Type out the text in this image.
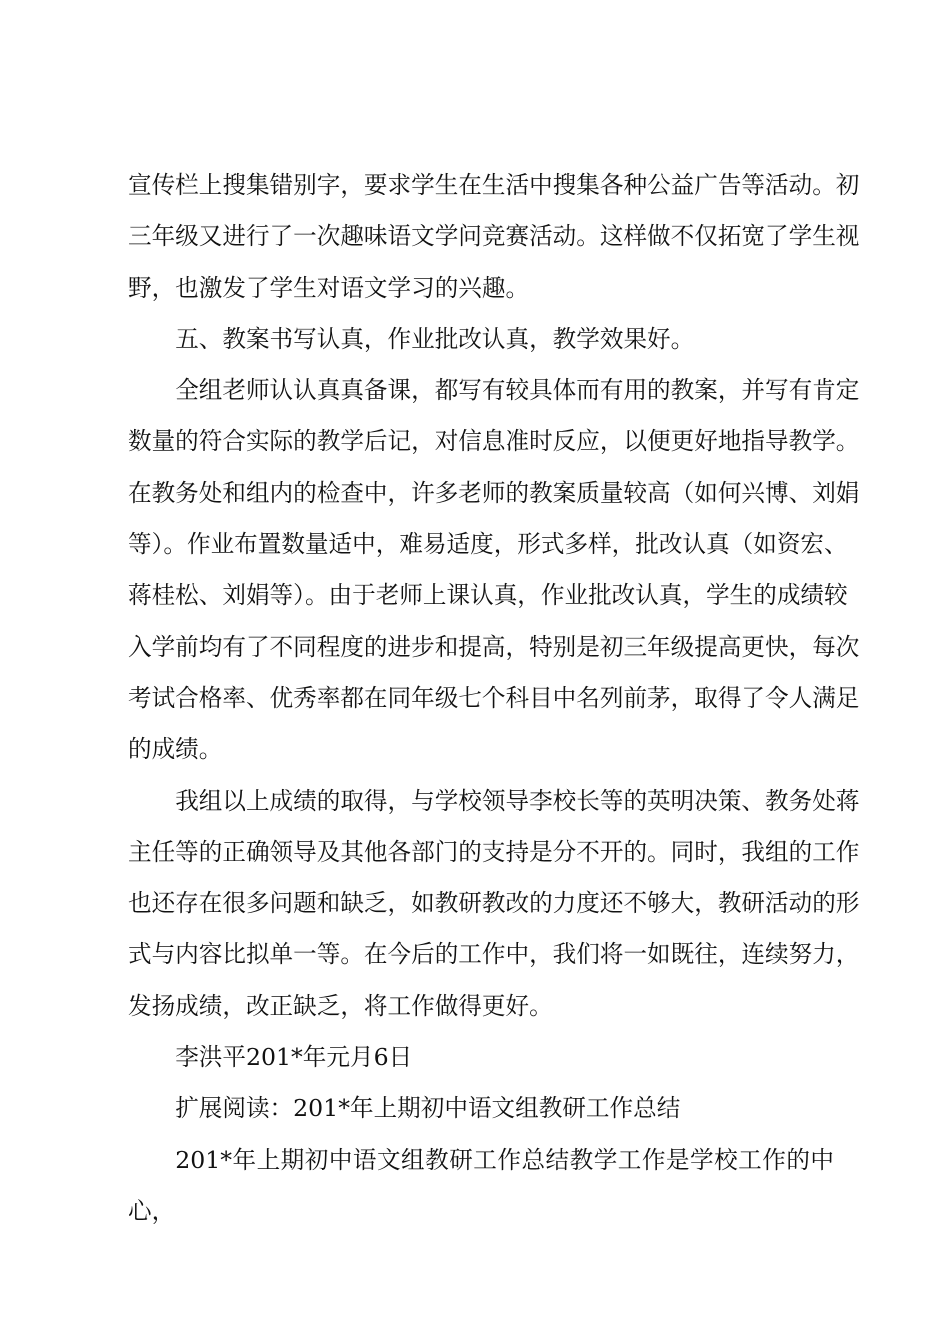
宣传栏上搜集错别字，要求学生在生活中搜集各种公益广告等活动。初
三年级又进行了一次趣味语文学问竞赛活动。这样做不仅拓宽了学生视
野，也激发了学生对语文学习的兴趣。

五、教案书写认真，作业批改认真，教学效果好。

全组老师认认真真备课，都写有较具体而有用的教案，并写有肯定
数量的符合实际的教学后记，对信息准时反应，以便更好地指导教学。
在教务处和组内的检查中，许多老师的教案质量较高（如何兴博、刘娟
等）。作业布置数量适中，难易适度，形式多样，批改认真（如资宏、
蒋桂松、刘娟等）。由于老师上课认真，作业批改认真，学生的成绩较
入学前均有了不同程度的进步和提高，特别是初三年级提高更快，每次
考试合格率、优秀率都在同年级七个科目中名列前茅，取得了令人满足
的成绩。

我组以上成绩的取得，与学校领导李校长等的英明决策、教务处蒋
主任等的正确领导及其他各部门的支持是分不开的。同时，我组的工作
也还存在很多问题和缺乏，如教研教改的力度还不够大，教研活动的形
式与内容比拟单一等。在今后的工作中，我们将一如既往，连续努力，
发扬成绩，改正缺乏，将工作做得更好。

李洪平201*年元月6日

扩展阅读：201*年上期初中语文组教研工作总结

201*年上期初中语文组教研工作总结教学工作是学校工作的中心，
